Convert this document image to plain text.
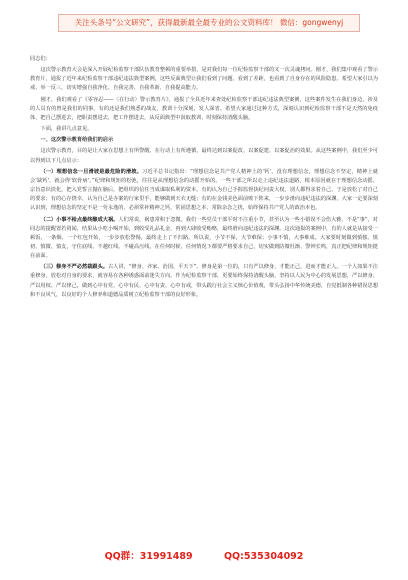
关注头条号“公文研究”，获得最新最全最专业的公文资料库！ 微信：gongwenyj

同志们：

这次警示教育大会是深入开展纪检监察干部队伍教育整顿的重要举措，是对我们每一位纪检监察干部的又一次灵魂拷问。刚才，我们集中观看了警示教育片，通报了近年来纪检监察干部违纪违法典型案例，这些反面典型让我们看到了问题、看到了差距，也看到了自身存在的风险隐患。希望大家引以为戒、举一反三，切实增强自我净化、自我完善、自我革新、自我提高能力。

刚才，我们观看了《零容忍——〈在行动〉警示教育片》，通报了全县近年来查处纪检监察干部违纪违法典型案例，这些案件发生在我们身边，涉及的人员有的曾是我们的同事，有的还是我们熟悉的战友，教训十分深刻，发人深省。希望大家通过这种方式，深刻认识到纪检监察干部不是天然的免疫体，把自己摆进去，把职责摆进去，把工作摆进去，从反面典型中汲取教训，时刻保持清醒头脑。

下面，我讲几点意见。

一、这次警示教育给我们的启示

这次警示教育，目的是让大家在思想上有所警醒、在行动上有所遵循，最终达到以案促改、以案促建、以案促治的效果。从这些案例中，我们至少可以得到以下几点启示：

（一）理想信念一旦滑坡是最危险的滑坡。习近平总书记指出：“理想信念是共产党人精神上的‘钙’，没有理想信念，理想信念不坚定，精神上就会‘缺钙’，就会得‘软骨病’。”纪律和规矩的松弛，往往是从理想信念的动摇开始的。一些干部之所以走上违纪违法道路，根本原因就在于理想信念动摇、宗旨意识淡化，把入党誓言抛在脑后，把组织的信任当成谋取私利的资本。有的认为自己手握监督执纪问责大权，别人都得求着自己，于是放松了对自己的要求；有的心存侥幸，认为自己是办案的行家里手，能够做到天衣无缝；有的在金钱美色面前败下阵来，一步步滑向违纪违法的深渊。大家一定要深刻认识到，理想信念的坚定不是一劳永逸的，必须常补精神之钙、常固思想之本、常除杂念之扰，始终保持共产党人的政治本色。

（二）小事不检点最终酿成大祸。人们常说，祸患常积于忽微。我们一些党员干部平时不注重小节，甚至认为一些小错误不会伤大雅、不是“事”，对同志的提醒置若罔闻，结果从小吃小喝开始，到收受礼品礼金，再到大肆收受贿赂，最终滑向违纪违法的深渊。这次通报的案例中，有的人就是从接受一顿饭、一条烟、一个红包开始，一步步放松警惕，最终走上了不归路。所以说，小节不保，大节难保；小事不慎，大事难成。大家要时刻做到慎独、慎初、慎微、慎友，守住底线、不越红线、不碰高压线，在任何时候、任何情况下都要严格要求自己，切实做到防微杜渐、警钟长鸣，真正把纪律和规矩挺在前面。

（三）修身不严必然栽跟头。古人讲，“修身、齐家、治国、平天下”。修身是第一位的，只有严以修身，才能正己，进而才能正人。一个人如果不注重修身，放松对自身的要求，就容易在各种诱惑面前迷失方向。作为纪检监察干部，更要始终保持清醒头脑，坚持以人民为中心的发展思想，严以修身、严以用权、严以律己，做到心中有党、心中有民、心中有责、心中有戒，带头践行社会主义核心价值观，带头弘扬中华传统美德，自觉抵制各种错误思想和不良风气，以良好的个人修养和道德品质树立纪检监察干部的良好形象。

QQ群：31991489	QQ:535304092
